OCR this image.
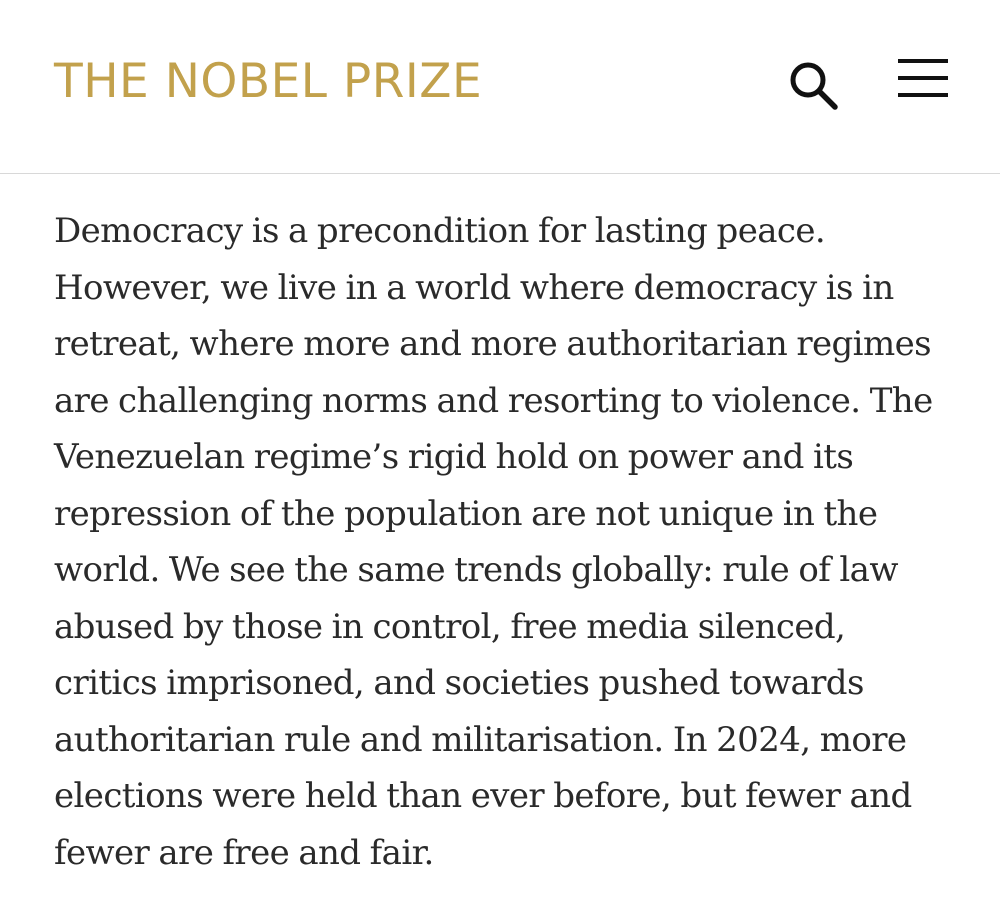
THE NOBEL PRIZE

Democracy is a precondition for lasting peace.
However, we live in a world where democracy is in
retreat, where more and more authoritarian regimes
are challenging norms and resorting to violence. The
Venezuelan regime’s rigid hold on power and its
repression of the population are not unique in the
world. We see the same trends globally: rule of law
abused by those in control, free media silenced,
critics imprisoned, and societies pushed towards
authoritarian rule and militarisation. In 2024, more
elections were held than ever before, but fewer and
fewer are free and fair.
